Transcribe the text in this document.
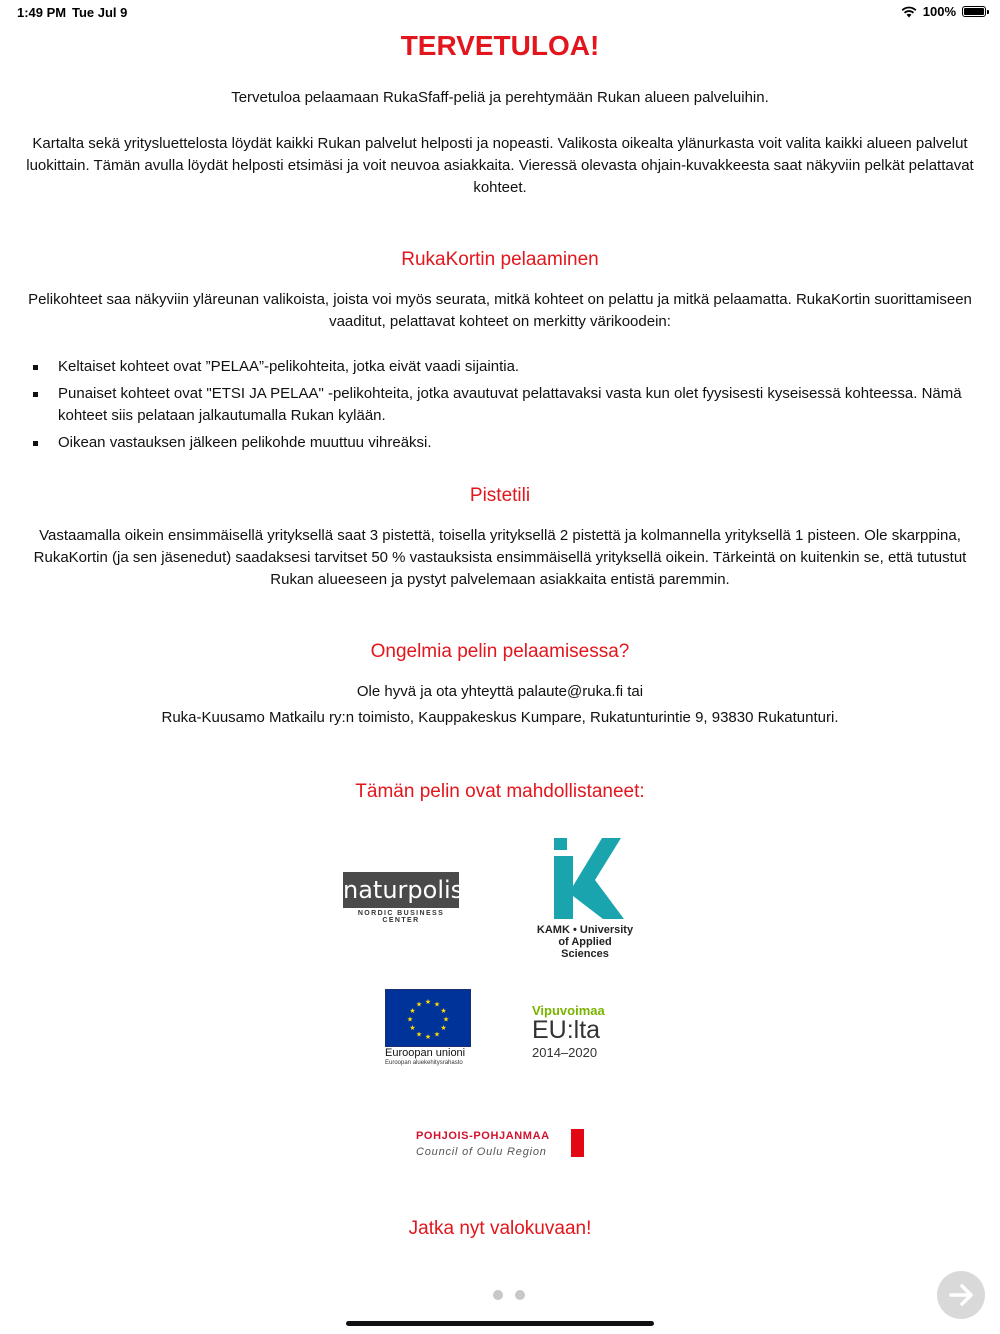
1:49 PM Tue Jul 9	100%
TERVETULOA!
Tervetuloa pelaamaan RukaSfaff-peliä ja perehtymään Rukan alueen palveluihin.
Kartalta sekä yritysluettelosta löydät kaikki Rukan palvelut helposti ja nopeasti. Valikosta oikealta ylänurkasta voit valita kaikki alueen palvelut
luokittain. Tämän avulla löydät helposti etsimäsi ja voit neuvoa asiakkaita. Vieressä olevasta ohjain-kuvakkeesta saat näkyviin pelkät pelattavat
kohteet.
RukaKortin pelaaminen
Pelikohteet saa näkyviin yläreunan valikoista, joista voi myös seurata, mitkä kohteet on pelattu ja mitkä pelaamatta. RukaKortin suorittamiseen
vaaditut, pelattavat kohteet on merkitty värikoodein:
Keltaiset kohteet ovat ”PELAA”-pelikohteita, jotka eivät vaadi sijaintia.
Punaiset kohteet ovat "ETSI JA PELAA" -pelikohteita, jotka avautuvat pelattavaksi vasta kun olet fyysisesti kyseisessä kohteessa. Nämä kohteet siis pelataan jalkautumalla Rukan kylään.
Oikean vastauksen jälkeen pelikohde muuttuu vihreäksi.
Pistetili
Vastaamalla oikein ensimmäisellä yrityksellä saat 3 pistettä, toisella yrityksellä 2 pistettä ja kolmannella yrityksellä 1 pisteen. Ole skarppina,
RukaKortin (ja sen jäsenedut) saadaksesi tarvitset 50 % vastauksista ensimmäisellä yrityksellä oikein. Tärkeintä on kuitenkin se, että tutustut
Rukan alueeseen ja pystyt palvelemaan asiakkaita entistä paremmin.
Ongelmia pelin pelaamisessa?
Ole hyvä ja ota yhteyttä palaute@ruka.fi tai
Ruka-Kuusamo Matkailu ry:n toimisto, Kauppakeskus Kumpare, Rukatunturintie 9, 93830 Rukatunturi.
Tämän pelin ovat mahdollistaneet:
naturpolis
NORDIC BUSINESS CENTER
KAMK • University
of Applied Sciences
★ ★
★
★
★
★
★
★
★
★
★
★
Euroopan unioni
Euroopan aluekehitysrahasto
Vipuvoimaa
EU:lta
2014–2020
POHJOIS-POHJANMAA
Council of Oulu Region
Jatka nyt valokuvaan!
